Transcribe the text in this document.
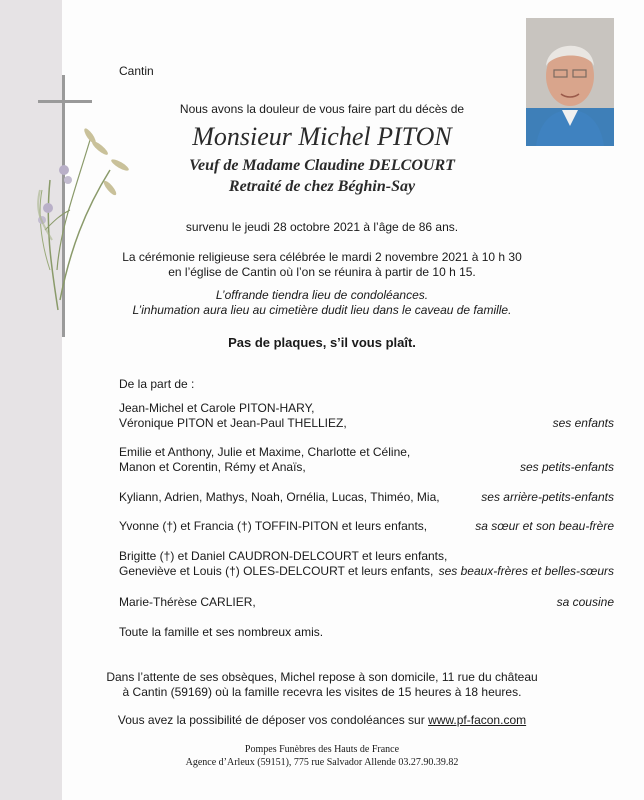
Cantin
Nous avons la douleur de vous faire part du décès de
Monsieur Michel PITON
Veuf de Madame Claudine DELCOURT
Retraité de chez Béghin-Say
survenu le jeudi 28 octobre 2021 à l’âge de 86 ans.
La cérémonie religieuse sera célébrée le mardi 2 novembre 2021 à 10 h 30
en l’église de Cantin où l’on se réunira à partir de 10 h 15.
L’offrande tiendra lieu de condoléances.
L’inhumation aura lieu au cimetière dudit lieu dans le caveau de famille.
Pas de plaques, s’il vous plaît.
De la part de :
Jean-Michel et Carole PITON-HARY,
Véronique PITON et Jean-Paul THELLIEZ,	ses enfants
Emilie et Anthony, Julie et Maxime, Charlotte et Céline,
Manon et Corentin, Rémy et Anaïs,	ses petits-enfants
Kyliann, Adrien, Mathys, Noah, Ornélia, Lucas, Thiméo, Mia,	ses arrière-petits-enfants
Yvonne (†) et Francia (†) TOFFIN-PITON et leurs enfants,	sa sœur et son beau-frère
Brigitte (†) et Daniel CAUDRON-DELCOURT et leurs enfants,
Geneviève et Louis (†) OLES-DELCOURT et leurs enfants, ses beaux-frères et belles-sœurs
Marie-Thérèse CARLIER,	sa cousine
Toute la famille et ses nombreux amis.
Dans l’attente de ses obsèques, Michel repose à son domicile, 11 rue du château
à Cantin (59169) où la famille recevra les visites de 15 heures à 18 heures.
Vous avez la possibilité de déposer vos condoléances sur www.pf-facon.com
Pompes Funèbres des Hauts de France
Agence d’Arleux (59151), 775 rue Salvador Allende 03.27.90.39.82
